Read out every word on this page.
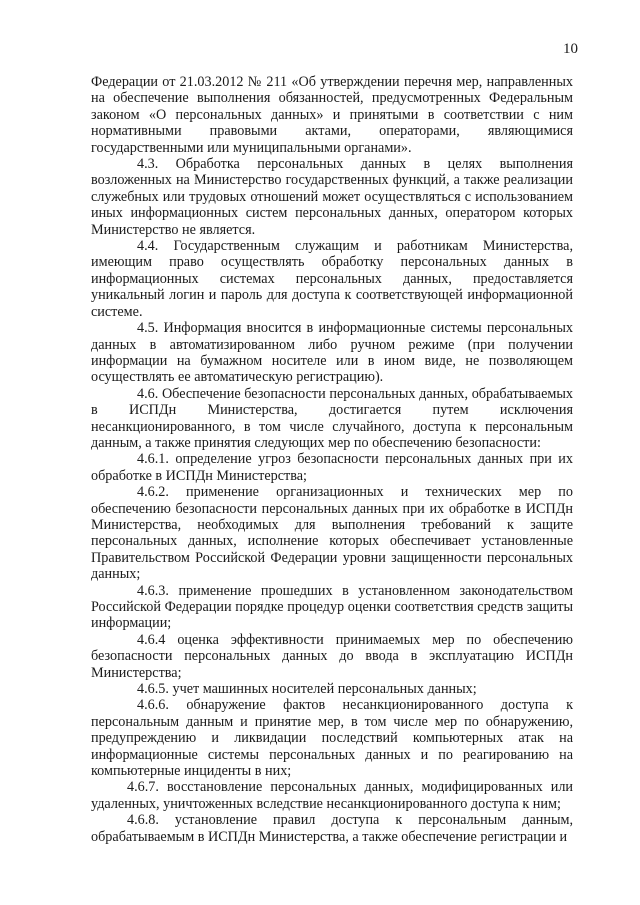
10

Федерации от 21.03.2012 № 211 «Об утверждении перечня мер, направленных на обеспечение выполнения обязанностей, предусмотренных Федеральным законом «О персональных данных» и принятыми в соответствии с ним нормативными правовыми актами, операторами, являющимися государственными или муниципальными органами».

4.3. Обработка персональных данных в целях выполнения возложенных на Министерство государственных функций, а также реализации служебных или трудовых отношений может осуществляться с использованием иных информационных систем персональных данных, оператором которых Министерство не является.

4.4. Государственным служащим и работникам Министерства, имеющим право осуществлять обработку персональных данных в информационных системах персональных данных, предоставляется уникальный логин и пароль для доступа к соответствующей информационной системе.

4.5. Информация вносится в информационные системы персональных данных в автоматизированном либо ручном режиме (при получении информации на бумажном носителе или в ином виде, не позволяющем осуществлять ее автоматическую регистрацию).

4.6. Обеспечение безопасности персональных данных, обрабатываемых в ИСПДн Министерства, достигается путем исключения несанкционированного, в том числе случайного, доступа к персональным данным, а также принятия следующих мер по обеспечению безопасности:

4.6.1. определение угроз безопасности персональных данных при их обработке в ИСПДн Министерства;

4.6.2. применение организационных и технических мер по обеспечению безопасности персональных данных при их обработке в ИСПДн Министерства, необходимых для выполнения требований к защите персональных данных, исполнение которых обеспечивает установленные Правительством Российской Федерации уровни защищенности персональных данных;

4.6.3. применение прошедших в установленном законодательством Российской Федерации порядке процедур оценки соответствия средств защиты информации;

4.6.4 оценка эффективности принимаемых мер по обеспечению безопасности персональных данных до ввода в эксплуатацию ИСПДн Министерства;

4.6.5. учет машинных носителей персональных данных;

4.6.6. обнаружение фактов несанкционированного доступа к персональным данным и принятие мер, в том числе мер по обнаружению, предупреждению и ликвидации последствий компьютерных атак на информационные системы персональных данных и по реагированию на компьютерные инциденты в них;

4.6.7. восстановление персональных данных, модифицированных или удаленных, уничтоженных вследствие несанкционированного доступа к ним;

4.6.8. установление правил доступа к персональным данным, обрабатываемым в ИСПДн Министерства, а также обеспечение регистрации и
